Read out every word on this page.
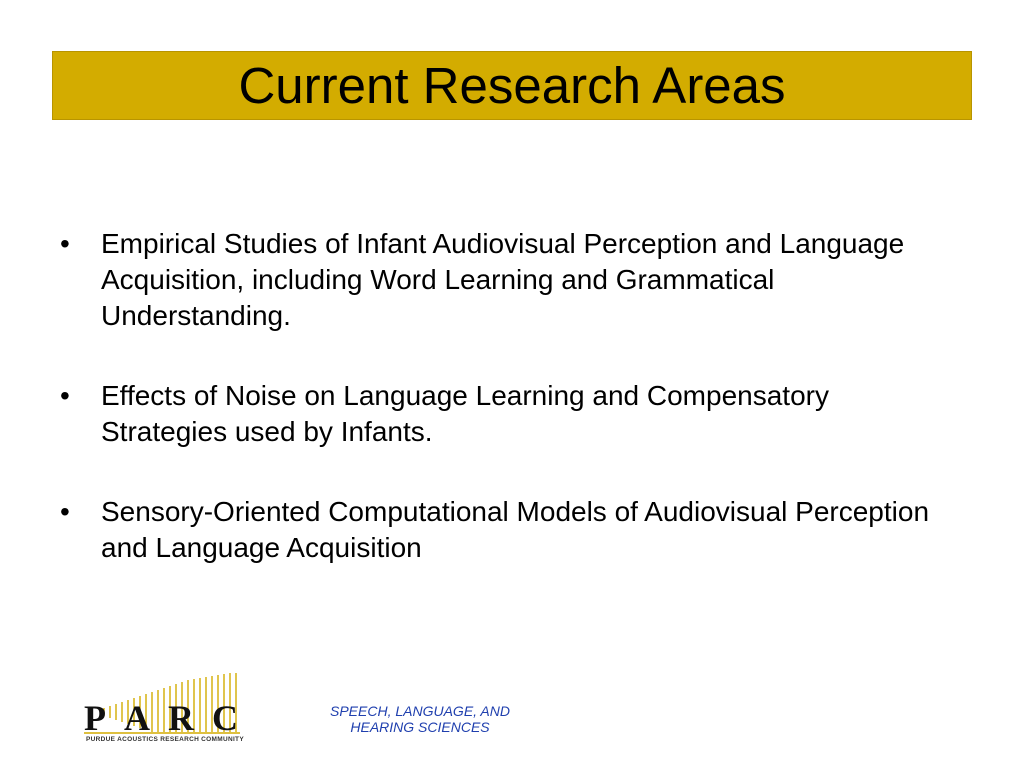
Current Research Areas
• Empirical Studies of Infant Audiovisual Perception and Language Acquisition, including Word Learning and Grammatical Understanding.
• Effects of Noise on Language Learning and Compensatory Strategies used by Infants.
• Sensory-Oriented Computational Models of Audiovisual Perception and Language Acquisition
P A R C
PURDUE ACOUSTICS RESEARCH COMMUNITY
SPEECH, LANGUAGE, AND
HEARING SCIENCES
